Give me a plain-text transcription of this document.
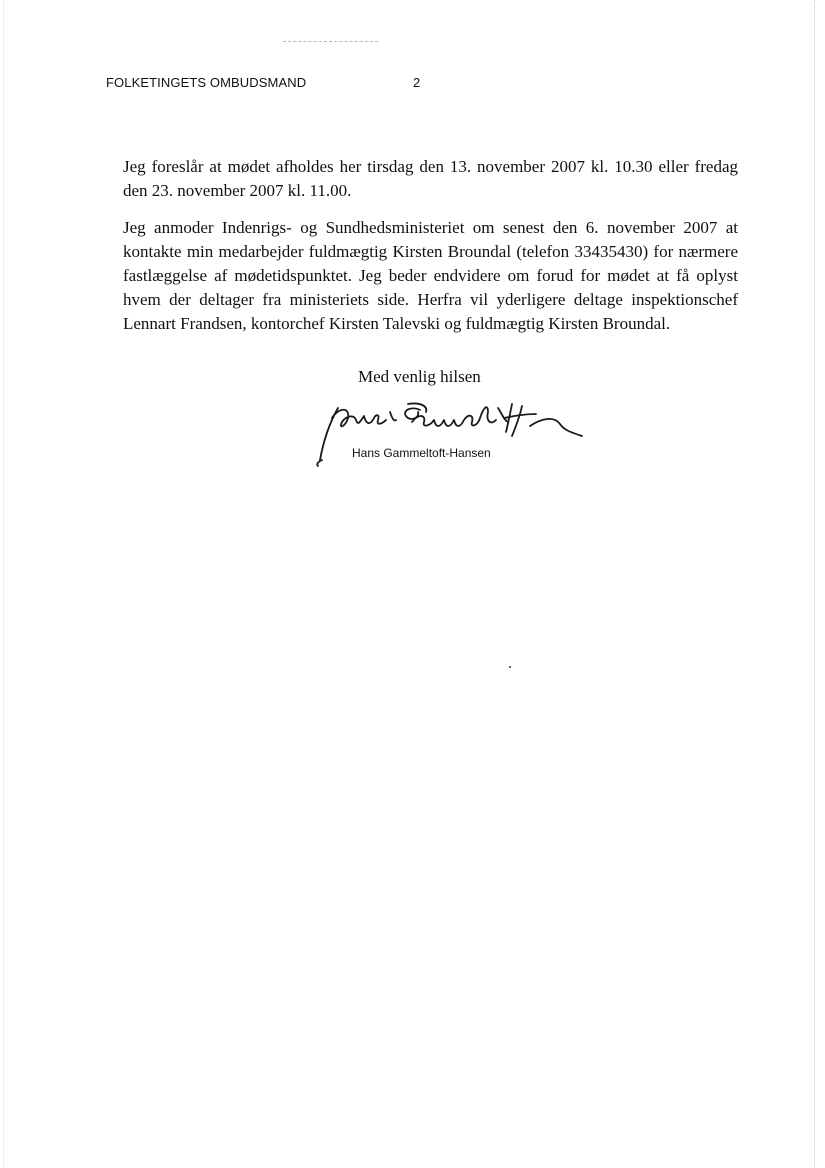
FOLKETINGETS OMBUDSMAND	2

Jeg foreslår at mødet afholdes her tirsdag den 13. november 2007 kl. 10.30 eller fredag den 23. november 2007 kl. 11.00.

Jeg anmoder Indenrigs- og Sundhedsministeriet om senest den 6. november 2007 at kontakte min medarbejder fuldmægtig Kirsten Broundal (telefon 33435430) for nærmere fastlæggelse af mødetidspunktet. Jeg beder endvidere om forud for mødet at få oplyst hvem der deltager fra ministeriets side. Herfra vil yderligere deltage inspektionschef Lennart Frandsen, kontorchef Kirsten Talevski og fuldmægtig Kirsten Broundal.

Med venlig hilsen
Hans Gammeltoft-Hansen
